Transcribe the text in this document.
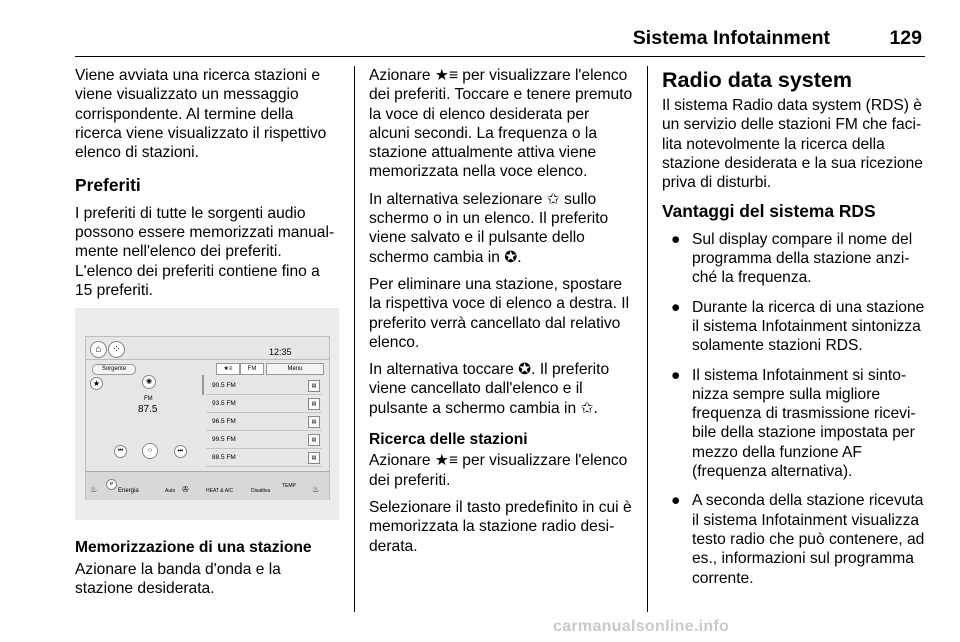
Sistema Infotainment	129

Viene avviata una ricerca stazioni e viene visualizzato un messaggio corrispondente. Al termine della ricerca viene visualizzato il rispettivo elenco di stazioni.

Preferiti

I preferiti di tutte le sorgenti audio possono essere memorizzati manualmente nell'elenco dei preferiti.

L'elenco dei preferiti contiene fino a 15 preferiti.

⌂	⁘	12:35
Sorgente
★	◉
FM
87.5
★≡	FM	Menu
90.5 FM	▤
93.5 FM	▤
96.5 FM	▤
99.5 FM	▤
88.5 FM	▤
⏮	⁘	⏭
♨
ℯ
Energia	Auto ✇	HEAT & A/C	Disattiva
TEMP ♨
Memorizzazione di una stazione

Azionare la banda d'onda e la stazione desiderata.

Azionare ★≡ per visualizzare l'elenco dei preferiti. Toccare e tenere premuto la voce di elenco desiderata per alcuni secondi. La frequenza o la stazione attualmente attiva viene memorizzata nella voce elenco.

In alternativa selezionare ✩ sullo schermo o in un elenco. Il preferito viene salvato e il pulsante dello schermo cambia in ✪.

Per eliminare una stazione, spostare la rispettiva voce di elenco a destra. Il preferito verrà cancellato dal relativo elenco.

In alternativa toccare ✪. Il preferito viene cancellato dall'elenco e il pulsante a schermo cambia in ✩.

Ricerca delle stazioni

Azionare ★≡ per visualizzare l'elenco dei preferiti.

Selezionare il tasto predefinito in cui è memorizzata la stazione radio desiderata.

Radio data system

Il sistema Radio data system (RDS) è un servizio delle stazioni FM che facilita notevolmente la ricerca della stazione desiderata e la sua ricezione priva di disturbi.

Vantaggi del sistema RDS
● Sul display compare il nome del programma della stazione anziché la frequenza.
● Durante la ricerca di una stazione il sistema Infotainment sintonizza solamente stazioni RDS.
● Il sistema Infotainment si sintonizza sempre sulla migliore frequenza di trasmissione ricevibile della stazione impostata per mezzo della funzione AF (frequenza alternativa).
● A seconda della stazione ricevuta il sistema Infotainment visualizza testo radio che può contenere, ad es., informazioni sul programma corrente.
carmanualsonline.info
